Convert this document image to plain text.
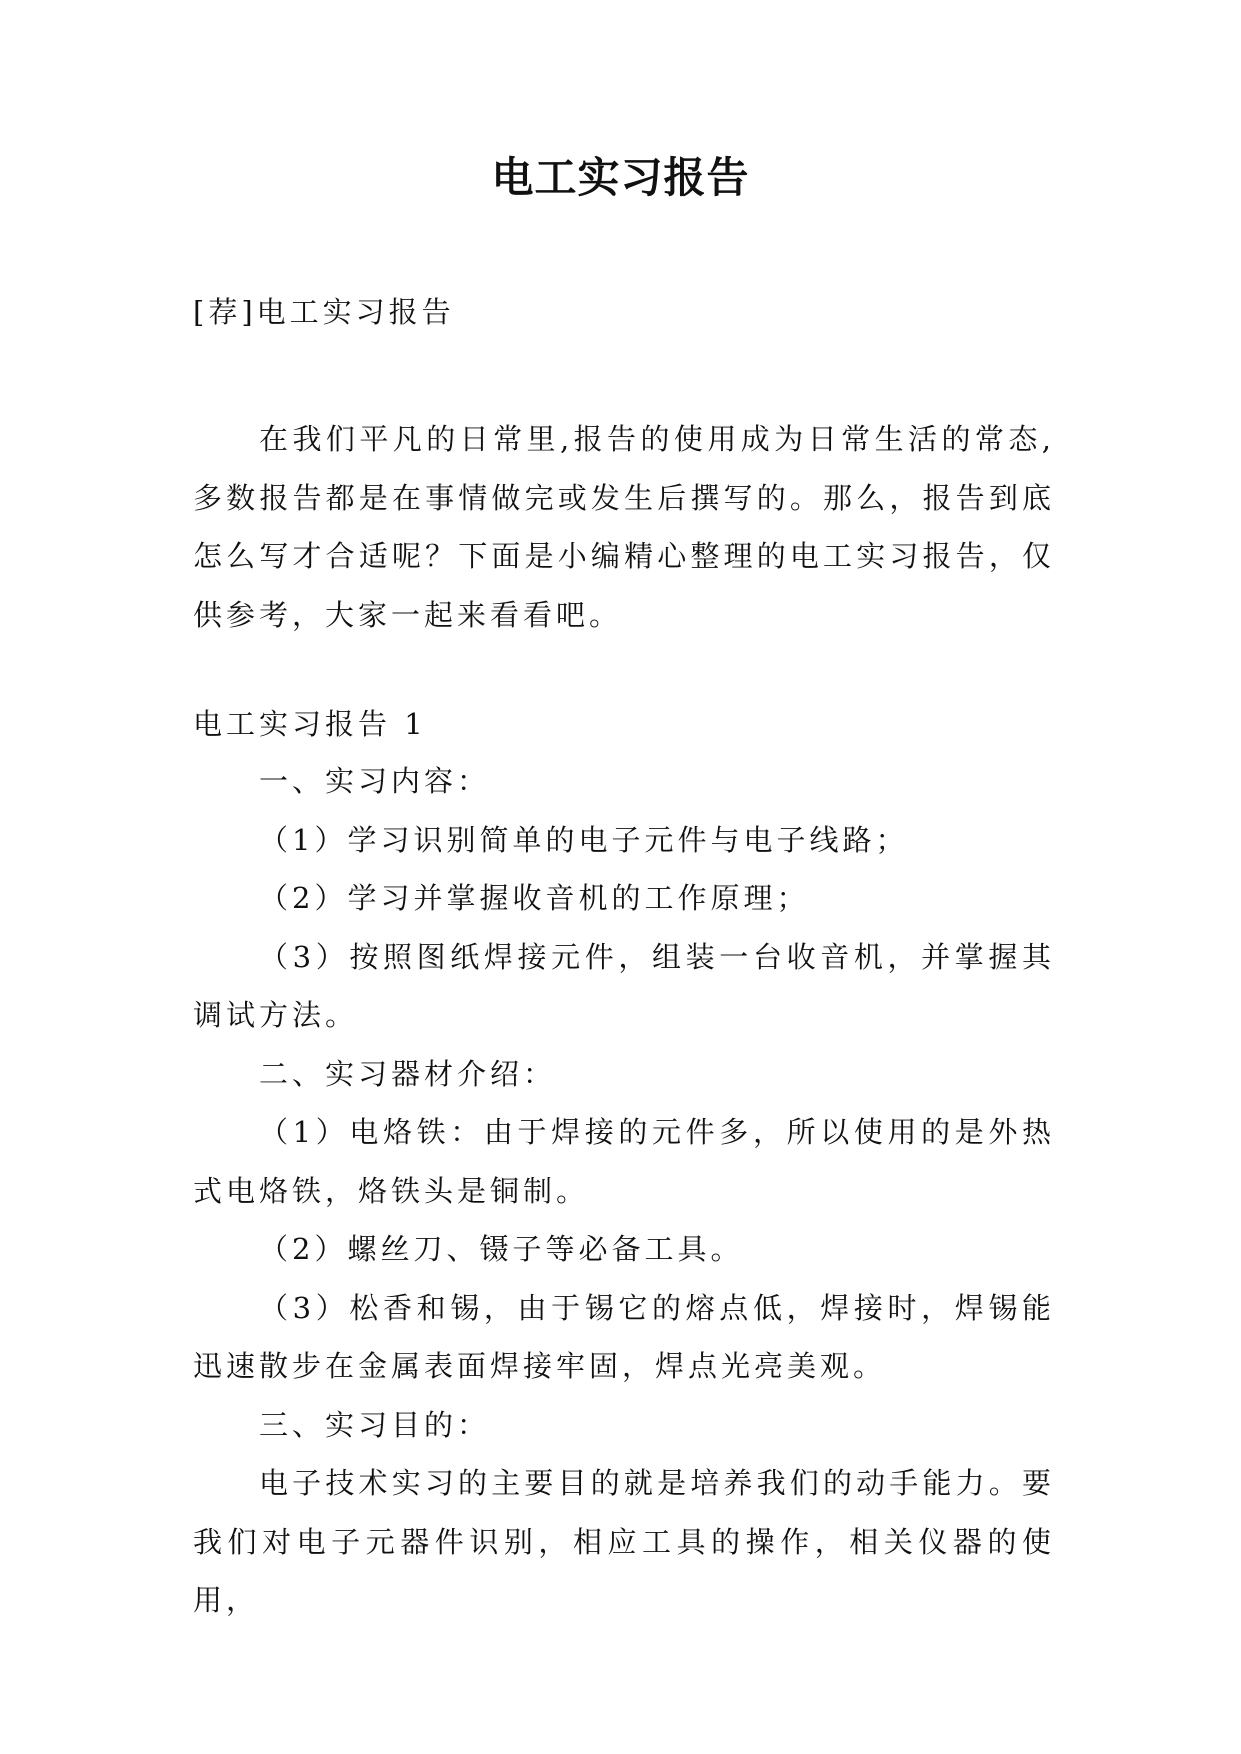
电工实习报告
[荐]电工实习报告

在我们平凡的日常里,报告的使用成为日常生活的常态,多数报告都是在事情做完或发生后撰写的。那么，报告到底怎么写才合适呢？下面是小编精心整理的电工实习报告，仅供参考，大家一起来看看吧。

电工实习报告 1

一、实习内容：

（1）学习识别简单的电子元件与电子线路；

（2）学习并掌握收音机的工作原理；

（3）按照图纸焊接元件，组装一台收音机，并掌握其调试方法。

二、实习器材介绍：

（1）电烙铁：由于焊接的元件多，所以使用的是外热式电烙铁，烙铁头是铜制。

（2）螺丝刀、镊子等必备工具。

（3）松香和锡，由于锡它的熔点低，焊接时，焊锡能迅速散步在金属表面焊接牢固，焊点光亮美观。

三、实习目的：

电子技术实习的主要目的就是培养我们的动手能力。要我们对电子元器件识别，相应工具的操作，相关仪器的使用，
